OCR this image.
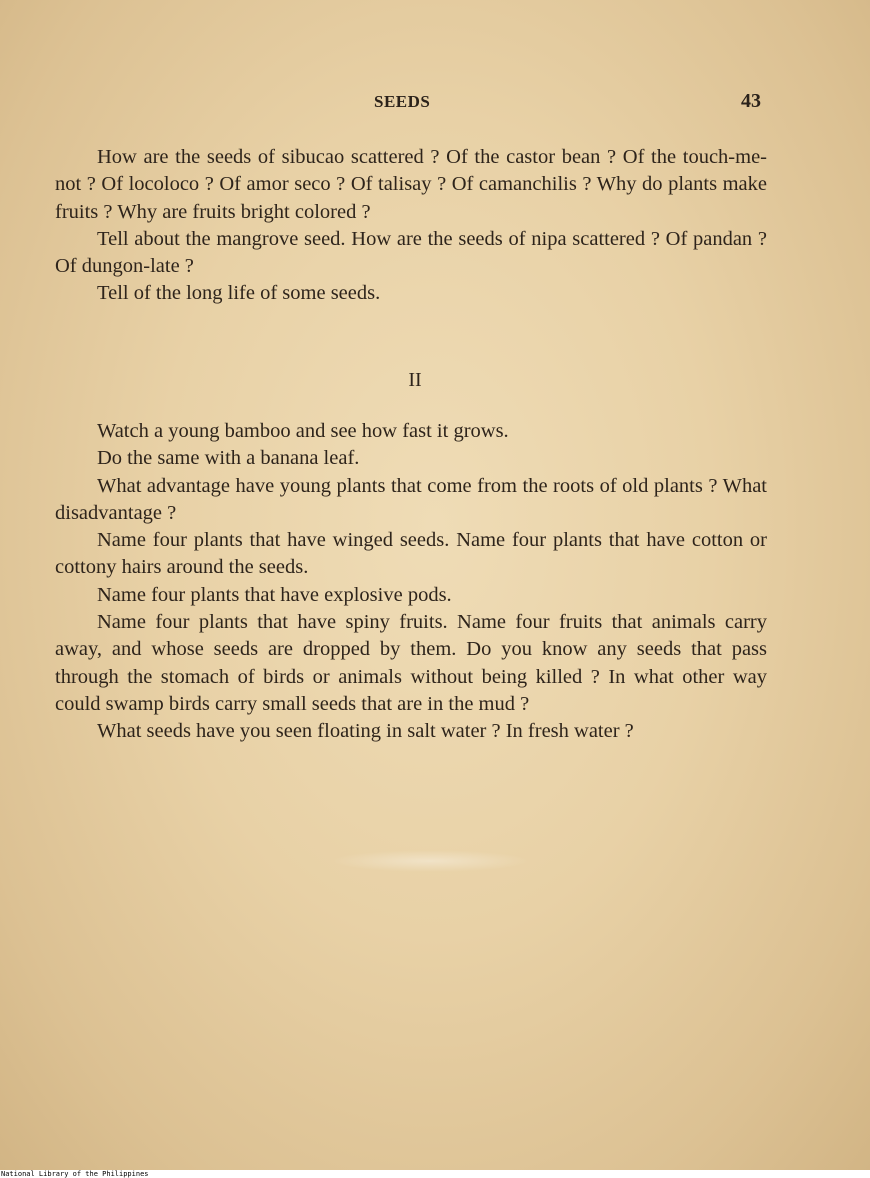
SEEDS	43

How are the seeds of sibucao scattered ? Of the castor bean ? Of the touch-me-not ? Of locoloco ? Of amor seco ? Of talisay ? Of camanchilis ? Why do plants make fruits ? Why are fruits bright colored ?

Tell about the mangrove seed. How are the seeds of nipa scattered ? Of pandan ? Of dungon-late ?

Tell of the long life of some seeds.

II

Watch a young bamboo and see how fast it grows.

Do the same with a banana leaf.

What advantage have young plants that come from the roots of old plants ? What disadvantage ?

Name four plants that have winged seeds. Name four plants that have cotton or cottony hairs around the seeds.

Name four plants that have explosive pods.

Name four plants that have spiny fruits. Name four fruits that animals carry away, and whose seeds are dropped by them. Do you know any seeds that pass through the stomach of birds or animals without being killed ? In what other way could swamp birds carry small seeds that are in the mud ?

What seeds have you seen floating in salt water ? In fresh water ?

National Library of the Philippines
